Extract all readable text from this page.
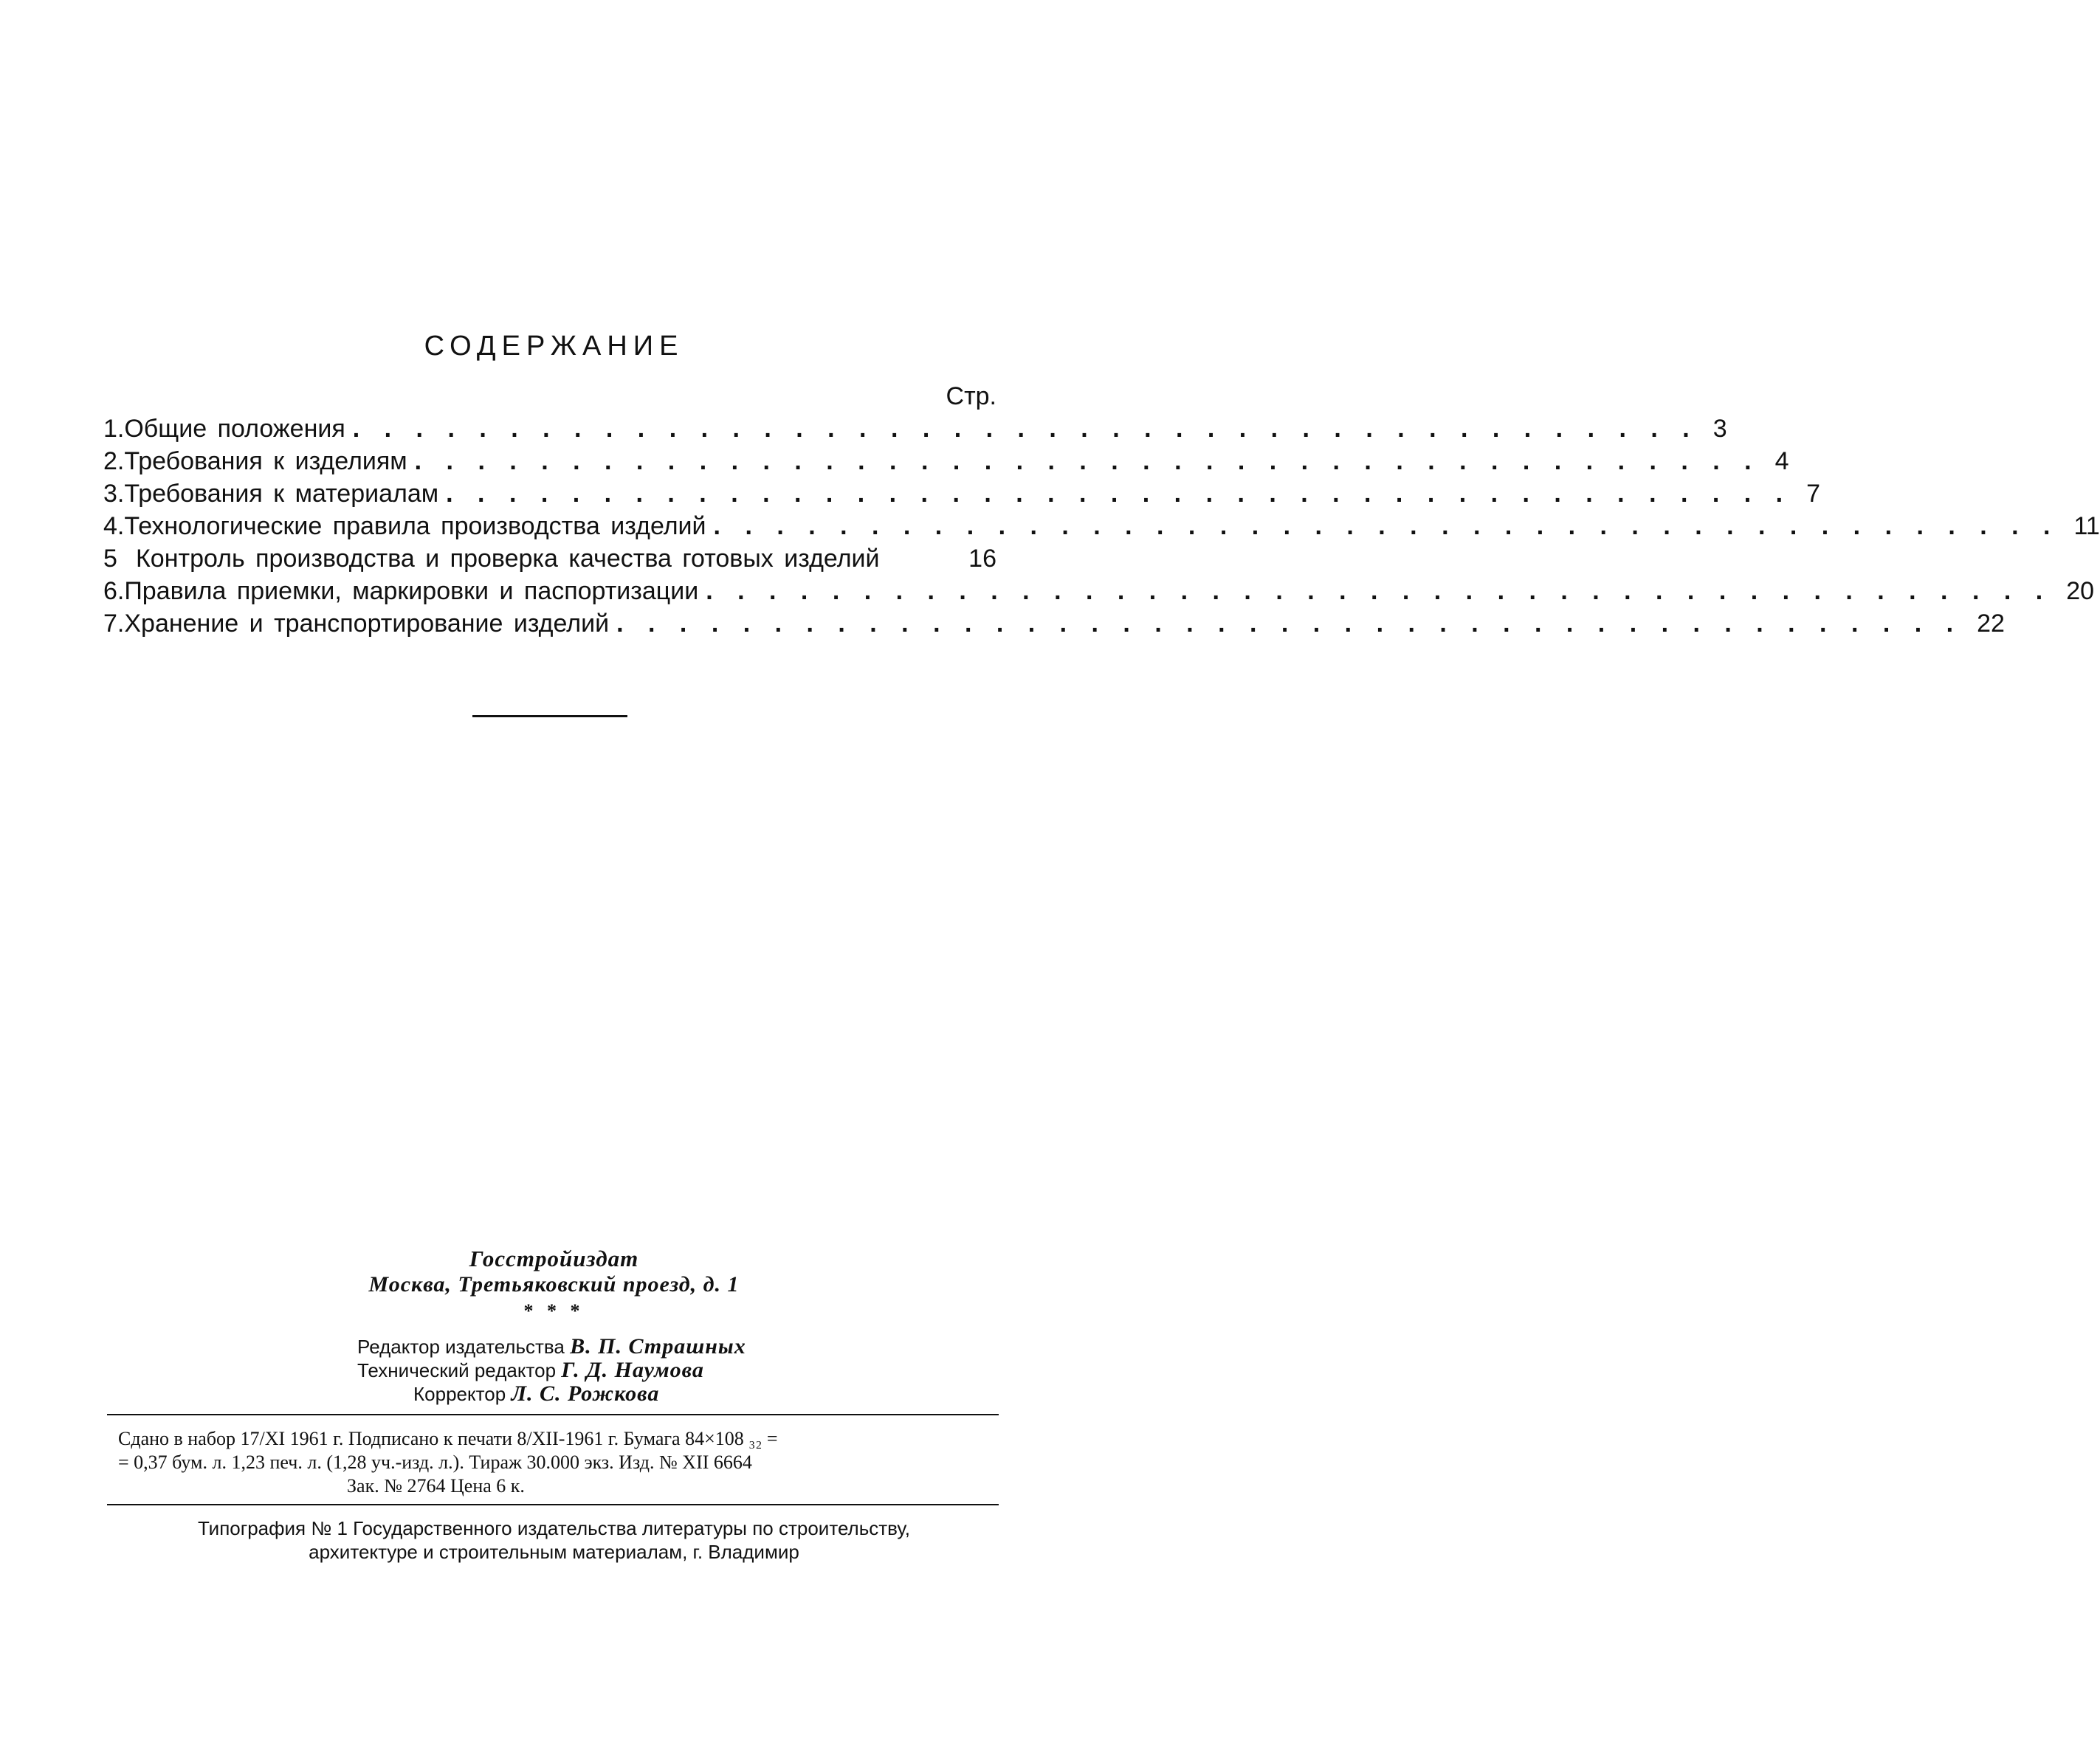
СОДЕРЖАНИЕ
Стр.
1. Общие положения . . . . . . . . . . . . . . . . . . . . . . . . . . . . . . . . . . . . . . . . . . . 3
2. Требования к изделиям . . . . . . . . . . . . . . . . . . . . . . . . . . . . . . . . . . . . . . . . . . . 4
3. Требования к материалам . . . . . . . . . . . . . . . . . . . . . . . . . . . . . . . . . . . . . . . . . . . 7
4. Технологические правила производства изделий . . . . . . . . . . . . . . . . . . . . . . . . . . . . . . . . . . . . . . . . . . . 11
5 Контроль производства и проверка качества готовых изделий	16
6. Правила приемки, маркировки и паспортизации . . . . . . . . . . . . . . . . . . . . . . . . . . . . . . . . . . . . . . . . . . . 20
7. Хранение и транспортирование изделий . . . . . . . . . . . . . . . . . . . . . . . . . . . . . . . . . . . . . . . . . . . 22
Госстройиздат
Москва, Третьяковский проезд, д. 1
* * *
Редактор издательства В. П. Страшных
Технический редактор Г. Д. Наумова
Корректор Л. С. Рожкова
Сдано в набор 17/XI 1961 г. Подписано к печати 8/XII-1961 г. Бумага 84×108 ₃₂ =
= 0,37 бум. л. 1,23 печ. л. (1,28 уч.-изд. л.). Тираж 30.000 экз. Изд. № XII 6664
Зак. № 2764 Цена 6 к.
Типография № 1 Государственного издательства литературы по строительству,
архитектуре и строительным материалам, г. Владимир
